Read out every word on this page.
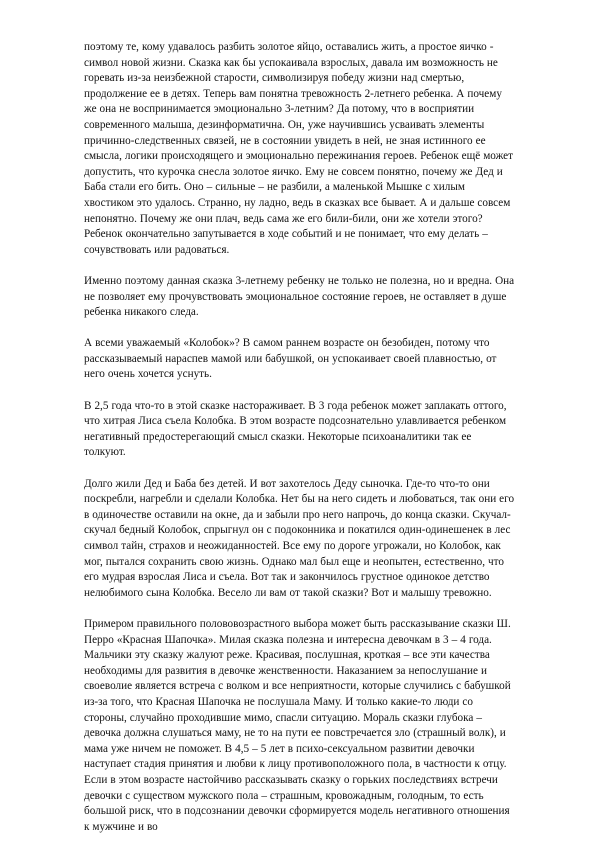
поэтому те, кому удавалось разбить золотое яйцо, оставались жить, а простое яичко - символ новой жизни. Сказка как бы успокаивала взрослых, давала им возможность не горевать из-за неизбежной старости, символизируя победу жизни над смертью, продолжение ее в детях. Теперь вам понятна тревожность 2-летнего ребенка. А почему же она не воспринимается эмоционально 3-летним? Да потому, что в восприятии современного малыша, дезинформатична. Он, уже научившись усваивать элементы причинно-следственных связей, не в состоянии увидеть в ней, не зная истинного ее смысла, логики происходящего и эмоционально пережинания героев. Ребенок ещё может допустить, что курочка снесла золотое яичко. Ему не совсем понятно, почему же Дед и Баба стали его бить. Оно – сильные – не разбили, а маленькой Мышке с хилым хвостиком это удалось. Странно, ну ладно, ведь в сказках все бывает. А и дальше совсем непонятно. Почему же они плач, ведь сама же его били-били, они же хотели этого? Ребенок окончательно запутывается в ходе событий и не понимает, что ему делать – сочувствовать или радоваться.

Именно поэтому данная сказка 3-летнему ребенку не только не полезна, но и вредна. Она не позволяет ему прочувствовать эмоциональное состояние героев, не оставляет в душе ребенка никакого следа.

А всеми уважаемый «Колобок»? В самом раннем возрасте он безобиден, потому что рассказываемый нараспев мамой или бабушкой, он успокаивает своей плавностью, от него очень хочется уснуть.

В 2,5 года что-то в этой сказке настораживает. В 3 года ребенок может заплакать оттого, что хитрая Лиса съела Колобка. В этом возрасте подсознательно улавливается ребенком негативный предостерегающий смысл сказки. Некоторые психоаналитики так ее толкуют.

Долго жили Дед и Баба без детей. И вот захотелось Деду сыночка. Где-то что-то они поскребли, нагребли и сделали Колобка. Нет бы на него сидеть и любоваться, так они его в одиночестве оставили на окне, да и забыли про него напрочь, до конца сказки. Скучал-скучал бедный Колобок, спрыгнул он с подоконника и покатился один-одинешенек в лес символ тайн, страхов и неожиданностей. Все ему по дороге угрожали, но Колобок, как мог, пытался сохранить свою жизнь. Однако мал был еще и неопытен, естественно, что его мудрая взрослая Лиса и съела. Вот так и закончилось грустное одинокое детство нелюбимого сына Колобка. Весело ли вам от такой сказки? Вот и малышу тревожно.

Примером правильного полововозрастного выбора может быть рассказывание сказки Ш. Перро «Красная Шапочка». Милая сказка полезна и интересна девочкам в 3 – 4 года. Мальчики эту сказку жалуют реже. Красивая, послушная, кроткая – все эти качества необходимы для развития в девочке женственности. Наказанием за непослушание и своеволие является встреча с волком и все неприятности, которые случились с бабушкой из-за того, что Красная Шапочка не послушала Маму. И только какие-то люди со стороны, случайно проходившие мимо, спасли ситуацию. Мораль сказки глубока – девочка должна слушаться маму, не то на пути ее повстречается зло (страшный волк), и мама уже ничем не поможет. В 4,5 – 5 лет в психо-сексуальном развитии девочки наступает стадия принятия и любви к лицу противоположного пола, в частности к отцу. Если в этом возрасте настойчиво рассказывать сказку о горьких последствиях встречи девочки с существом мужского пола – страшным, кровожадным, голодным, то есть большой риск, что в подсознании девочки сформируется модель негативного отношения к мужчине и во
